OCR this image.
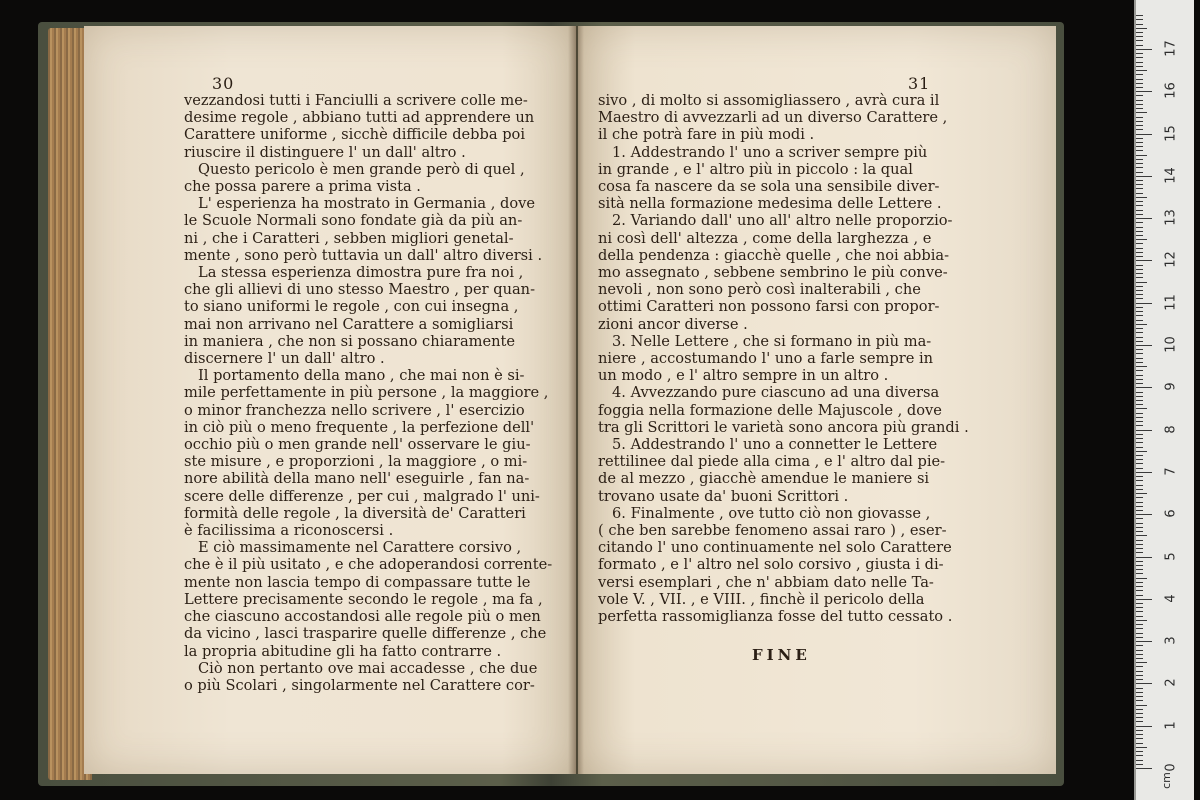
30
vezzandosi tutti i Fanciulli a scrivere colle me-
desime regole , abbiano tutti ad apprendere un
Carattere uniforme , sicchè difficile debba poi
riuscire il distinguere l' un dall' altro .
Questo pericolo è men grande però di quel ,
che possa parere a prima vista .
L' esperienza ha mostrato in Germania , dove
le Scuole Normali sono fondate già da più an-
ni , che i Caratteri , sebben migliori genetal-
mente , sono però tuttavia un dall' altro diversi .
La stessa esperienza dimostra pure fra noi ,
che gli allievi di uno stesso Maestro , per quan-
to siano uniformi le regole , con cui insegna ,
mai non arrivano nel Carattere a somigliarsi
in maniera , che non si possano chiaramente
discernere l' un dall' altro .
Il portamento della mano , che mai non è si-
mile perfettamente in più persone , la maggiore ,
o minor franchezza nello scrivere , l' esercizio
in ciò più o meno frequente , la perfezione dell'
occhio più o men grande nell' osservare le giu-
ste misure , e proporzioni , la maggiore , o mi-
nore abilità della mano nell' eseguirle , fan na-
scere delle differenze , per cui , malgrado l' uni-
formità delle regole , la diversità de' Caratteri
è facilissima a riconoscersi .
E ciò massimamente nel Carattere corsivo ,
che è il più usitato , e che adoperandosi corrente-
mente non lascia tempo di compassare tutte le
Lettere precisamente secondo le regole , ma fa ,
che ciascuno accostandosi alle regole più o men
da vicino , lasci trasparire quelle differenze , che
la propria abitudine gli ha fatto contrarre .
Ciò non pertanto ove mai accadesse , che due
o più Scolari , singolarmente nel Carattere cor-
31
sivo , di molto si assomigliassero , avrà cura il
Maestro di avvezzarli ad un diverso Carattere ,
il che potrà fare in più modi .
1. Addestrando l' uno a scriver sempre più
in grande , e l' altro più in piccolo : la qual
cosa fa nascere da se sola una sensibile diver-
sità nella formazione medesima delle Lettere .
2. Variando dall' uno all' altro nelle proporzio-
ni così dell' altezza , come della larghezza , e
della pendenza : giacchè quelle , che noi abbia-
mo assegnato , sebbene sembrino le più conve-
nevoli , non sono però così inalterabili , che
ottimi Caratteri non possono farsi con propor-
zioni ancor diverse .
3. Nelle Lettere , che si formano in più ma-
niere , accostumando l' uno a farle sempre in
un modo , e l' altro sempre in un altro .
4. Avvezzando pure ciascuno ad una diversa
foggia nella formazione delle Majuscole , dove
tra gli Scrittori le varietà sono ancora più grandi .
5. Addestrando l' uno a connetter le Lettere
rettilinee dal piede alla cima , e l' altro dal pie-
de al mezzo , giacchè amendue le maniere si
trovano usate da' buoni Scrittori .
6. Finalmente , ove tutto ciò non giovasse ,
( che ben sarebbe fenomeno assai raro ) , eser-
citando l' uno continuamente nel solo Carattere
formato , e l' altro nel solo corsivo , giusta i di-
versi esemplari , che n' abbiam dato nelle Ta-
vole V. , VII. , e VIII. , finchè il pericolo della
perfetta rassomiglianza fosse del tutto cessato .
FINE
cm
0
1
2
3
4
5
6
7
8
9
10
11
12
13
14
15
16
17
